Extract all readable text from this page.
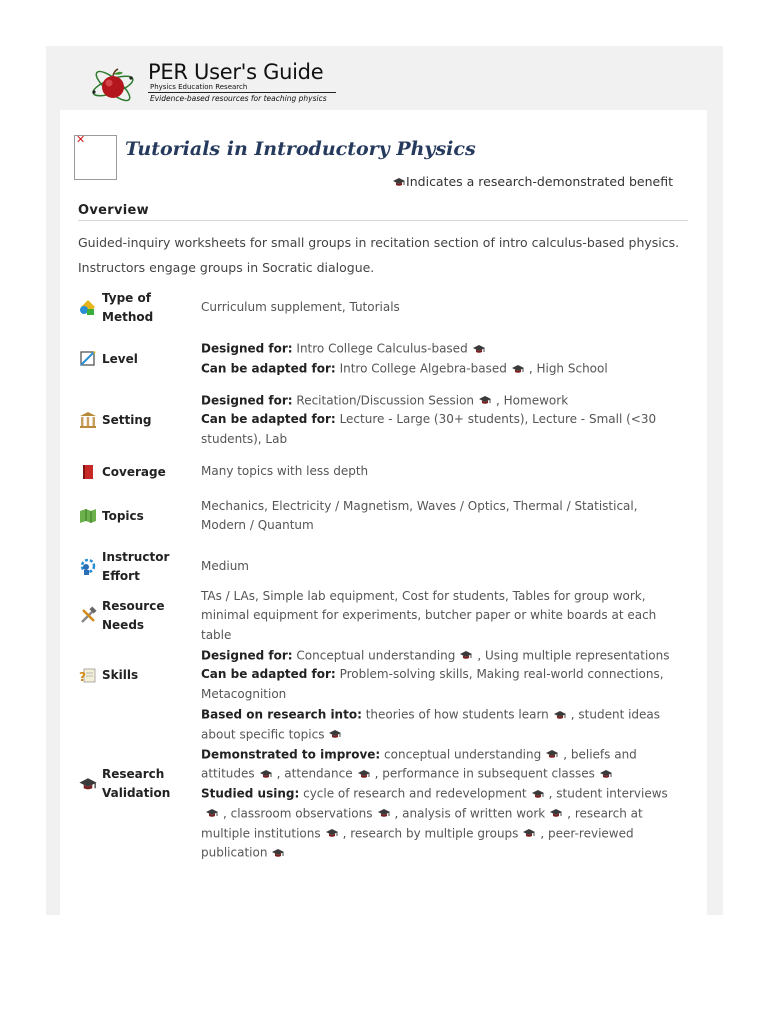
PER User's Guide
Physics Education Research
Evidence-based resources for teaching physics
✕ Tutorials in Introductory Physics
Indicates a research-demonstrated benefit
Overview
Guided-inquiry worksheets for small groups in recitation section of intro calculus-based physics. Instructors engage groups in Socratic dialogue.
Type of
Method
Curriculum supplement, Tutorials
Level
Designed for: Intro College Calculus-based
Can be adapted for: Intro College Algebra-based , High School
Setting
Designed for: Recitation/Discussion Session , Homework
Can be adapted for: Lecture - Large (30+ students), Lecture - Small (<30 students), Lab
Coverage	Many topics with less depth
Topics
Mechanics, Electricity / Magnetism, Waves / Optics, Thermal / Statistical, Modern / Quantum
Instructor
Effort
Medium
Resource
Needs
TAs / LAs, Simple lab equipment, Cost for students, Tables for group work, minimal equipment for experiments, butcher paper or white boards at each table
? Skills
Designed for: Conceptual understanding , Using multiple representations
Can be adapted for: Problem-solving skills, Making real-world connections, Metacognition
Research
Validation
Based on research into: theories of how students learn , student ideas about specific topics
Demonstrated to improve: conceptual understanding , beliefs and attitudes , attendance , performance in subsequent classes
Studied using: cycle of research and redevelopment , student interviews, classroom observations , analysis of written work , research at multiple institutions , research by multiple groups , peer-reviewed publication
